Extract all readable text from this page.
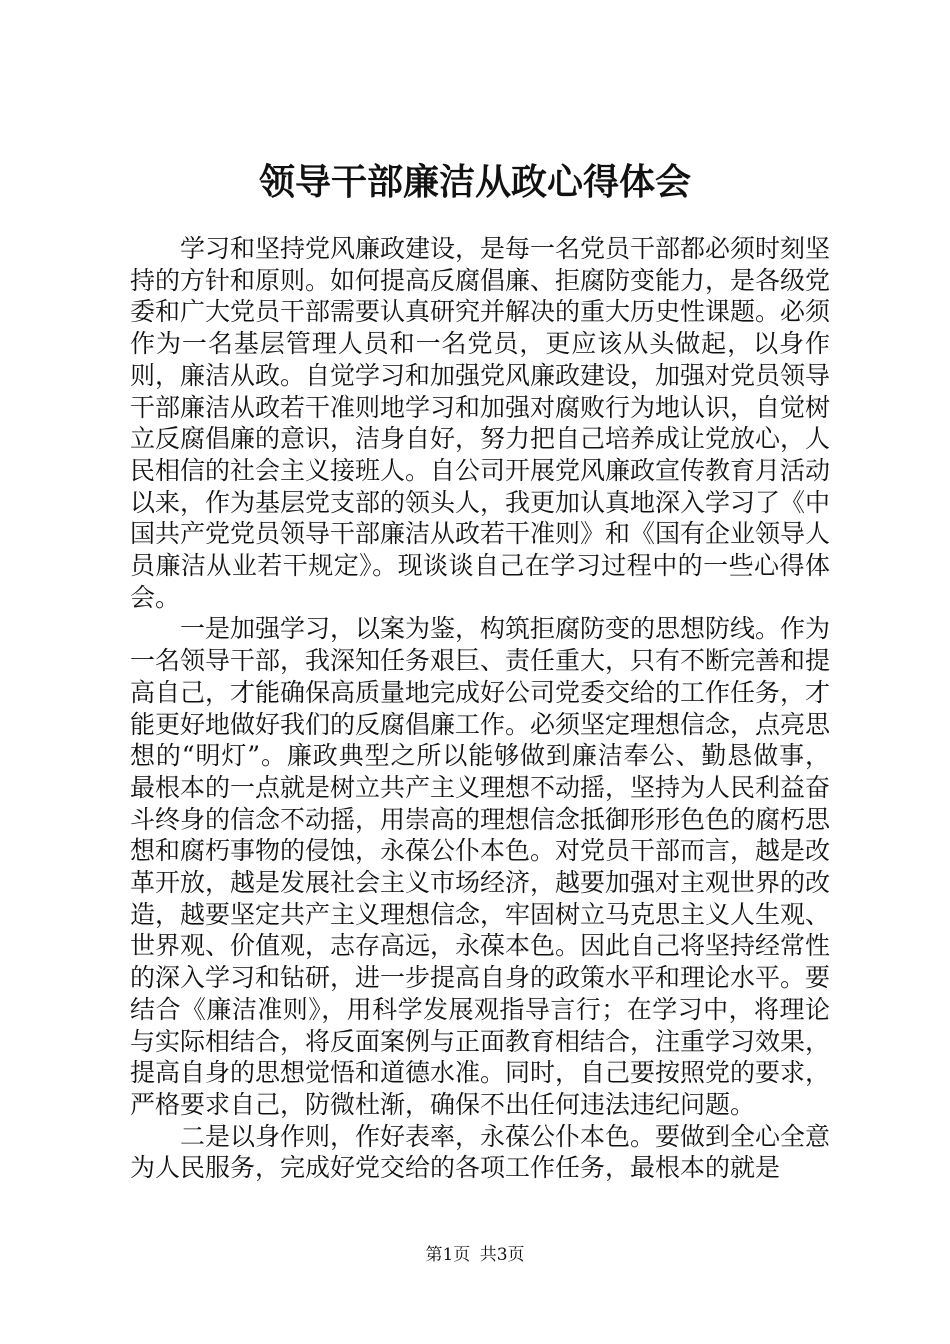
领导干部廉洁从政心得体会

学习和坚持党风廉政建设，是每一名党员干部都必须时刻坚持的方针和原则。如何提高反腐倡廉、拒腐防变能力，是各级党委和广大党员干部需要认真研究并解决的重大历史性课题。必须作为一名基层管理人员和一名党员，更应该从头做起，以身作则，廉洁从政。自觉学习和加强党风廉政建设，加强对党员领导干部廉洁从政若干准则地学习和加强对腐败行为地认识，自觉树立反腐倡廉的意识，洁身自好，努力把自己培养成让党放心，人民相信的社会主义接班人。自公司开展党风廉政宣传教育月活动以来，作为基层党支部的领头人，我更加认真地深入学习了《中国共产党党员领导干部廉洁从政若干准则》和《国有企业领导人员廉洁从业若干规定》。现谈谈自己在学习过程中的一些心得体会。

一是加强学习，以案为鉴，构筑拒腐防变的思想防线。作为一名领导干部，我深知任务艰巨、责任重大，只有不断完善和提高自己，才能确保高质量地完成好公司党委交给的工作任务，才能更好地做好我们的反腐倡廉工作。必须坚定理想信念，点亮思想的“明灯”。廉政典型之所以能够做到廉洁奉公、勤恳做事，最根本的一点就是树立共产主义理想不动摇，坚持为人民利益奋斗终身的信念不动摇，用崇高的理想信念抵御形形色色的腐朽思想和腐朽事物的侵蚀，永葆公仆本色。对党员干部而言，越是改革开放，越是发展社会主义市场经济，越要加强对主观世界的改造，越要坚定共产主义理想信念，牢固树立马克思主义人生观、世界观、价值观，志存高远，永葆本色。因此自己将坚持经常性的深入学习和钻研，进一步提高自身的政策水平和理论水平。要结合《廉洁准则》，用科学发展观指导言行；在学习中，将理论与实际相结合，将反面案例与正面教育相结合，注重学习效果，提高自身的思想觉悟和道德水准。同时，自己要按照党的要求，严格要求自己，防微杜渐，确保不出任何违法违纪问题。

二是以身作则，作好表率，永葆公仆本色。要做到全心全意为人民服务，完成好党交给的各项工作任务，最根本的就是

第1页 共3页
